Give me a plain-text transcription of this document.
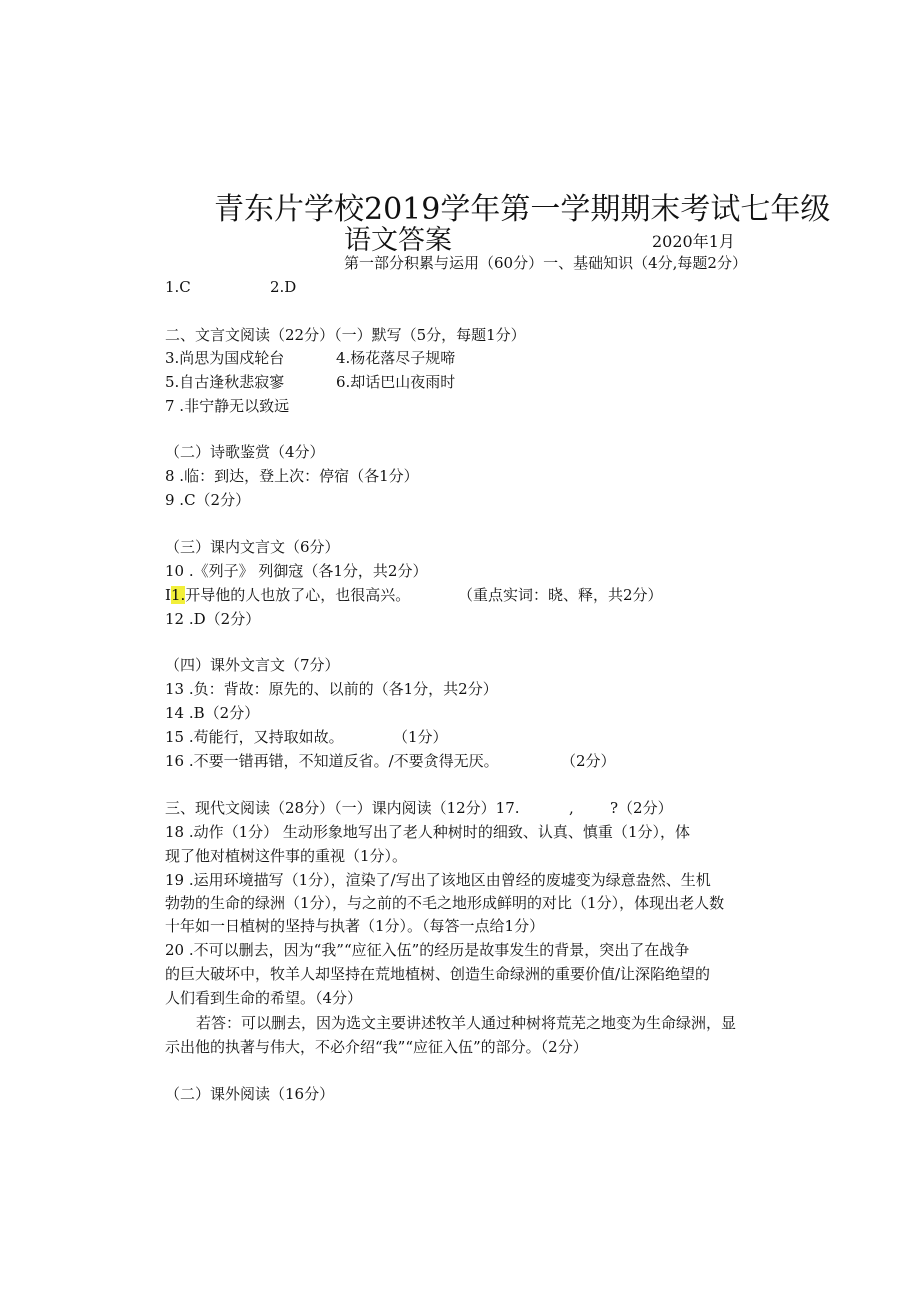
青东片学校2019学年第一学期期末考试七年级
语文答案	2020年1月
第一部分积累与运用（60分）一、基础知识（4分,每题2分）
1.C	2.D
二、文言文阅读（22分）（一）默写（5分，每题1分）
3.尚思为国戍轮台	4.杨花落尽子规啼
5.自古逢秋悲寂寥	6.却话巴山夜雨时
7 .非宁静无以致远
（二）诗歌鉴赏（4分）
8 .临：到达，登上次：停宿（各1分）
9 .C（2分）
（三）课内文言文（6分）
10 .《列子》 列御寇（各1分，共2分）
I1.开导他的人也放了心，也很高兴。	（重点实词：晓、释，共2分）
12 .D（2分）
（四）课外文言文（7分）
13 .负：背故：原先的、以前的（各1分，共2分）
14 .B（2分）
15 .苟能行，又持取如故。	（1分）
16 .不要一错再错，不知道反省。/不要贪得无厌。	（2分）
三、现代文阅读（28分）（一）课内阅读（12分）17.	, ?（2分）
18 .动作（1分） 生动形象地写出了老人种树时的细致、认真、慎重（1分），体
现了他对植树这件事的重视（1分）。
19 .运用环境描写（1分），渲染了/写出了该地区由曾经的废墟变为绿意盎然、生机
勃勃的生命的绿洲（1分），与之前的不毛之地形成鲜明的对比（1分），体现出老人数
十年如一日植树的坚持与执著（1分）。（每答一点给1分）
20 .不可以删去，因为“我”“应征入伍”的经历是故事发生的背景，突出了在战争
的巨大破坏中，牧羊人却坚持在荒地植树、创造生命绿洲的重要价值/让深陷绝望的
人们看到生命的希望。（4分）
若答：可以删去，因为选文主要讲述牧羊人通过种树将荒芜之地变为生命绿洲，显
示出他的执著与伟大，不必介绍“我”“应征入伍”的部分。（2分）
（二）课外阅读（16分）
